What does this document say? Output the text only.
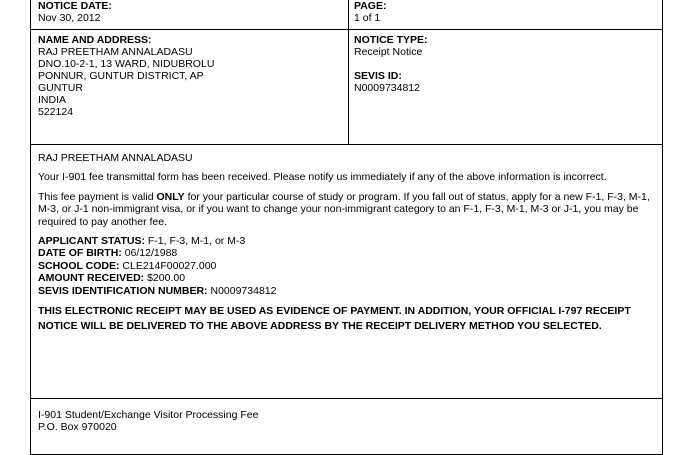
NOTICE DATE:
Nov 30, 2012
PAGE:
1 of 1
NAME AND ADDRESS:
RAJ PREETHAM ANNALADASU
DNO.10-2-1, 13 WARD, NIDUBROLU
PONNUR, GUNTUR DISTRICT, AP
GUNTUR
INDIA
522124
NOTICE TYPE:
Receipt Notice
SEVIS ID:
N0009734812

RAJ PREETHAM ANNALADASU

Your I-901 fee transmittal form has been received. Please notify us immediately if any of the above information is incorrect.

This fee payment is valid ONLY for your particular course of study or program. If you fall out of status, apply for a new F-1, F-3, M-1, M-3, or J-1 non-immigrant visa, or if you want to change your non-immigrant category to an F-1, F-3, M-1, M-3 or J-1, you may be required to pay another fee.

APPLICANT STATUS: F-1, F-3, M-1, or M-3

DATE OF BIRTH: 06/12/1988

SCHOOL CODE: CLE214F00027.000

AMOUNT RECEIVED: $200.00

SEVIS IDENTIFICATION NUMBER: N0009734812

THIS ELECTRONIC RECEIPT MAY BE USED AS EVIDENCE OF PAYMENT. IN ADDITION, YOUR OFFICIAL I-797 RECEIPT NOTICE WILL BE DELIVERED TO THE ABOVE ADDRESS BY THE RECEIPT DELIVERY METHOD YOU SELECTED.

I-901 Student/Exchange Visitor Processing Fee
P.O. Box 970020
